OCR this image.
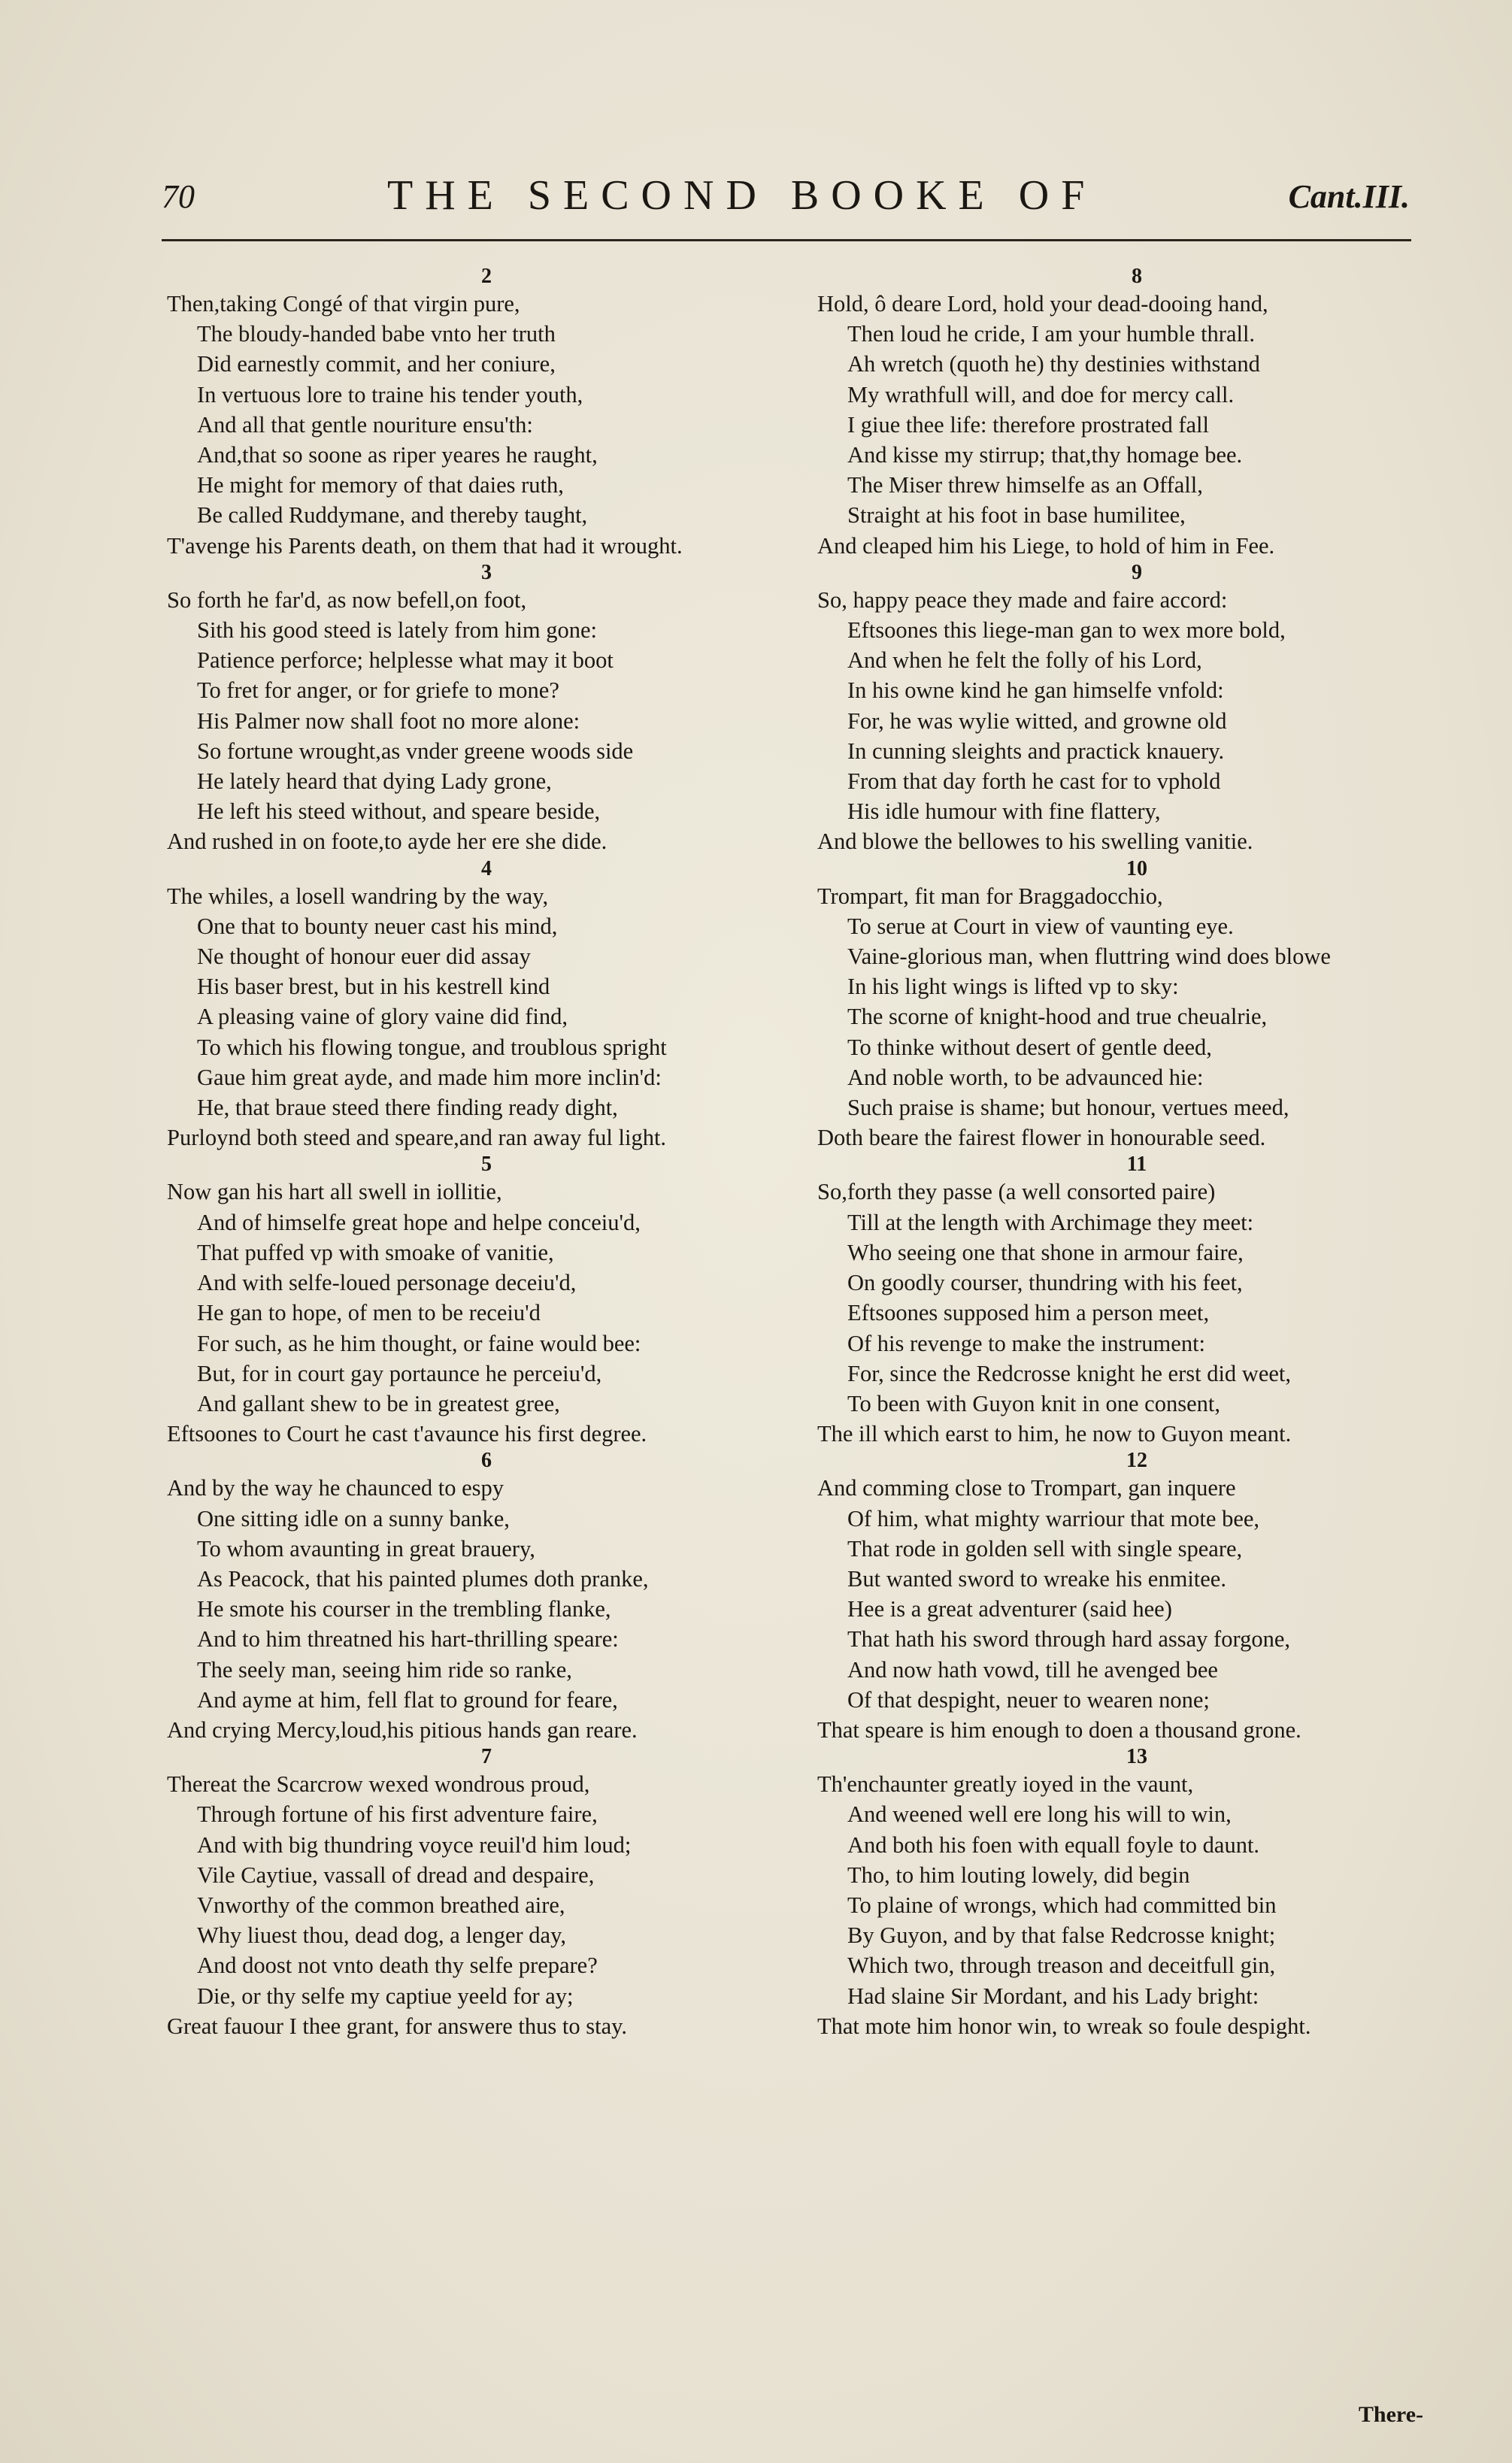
70	THE SECOND BOOKE OF	Cant.III.
2
Then,taking Congé of that virgin pure,
The bloudy-handed babe vnto her truth
Did earnestly commit, and her coniure,
In vertuous lore to traine his tender youth,
And all that gentle nouriture ensu'th:
And,that so soone as riper yeares he raught,
He might for memory of that daies ruth,
Be called Ruddymane, and thereby taught,
T'avenge his Parents death, on them that had it wrought.
3
So forth he far'd, as now befell,on foot,
Sith his good steed is lately from him gone:
Patience perforce; helplesse what may it boot
To fret for anger, or for griefe to mone?
His Palmer now shall foot no more alone:
So fortune wrought,as vnder greene woods side
He lately heard that dying Lady grone,
He left his steed without, and speare beside,
And rushed in on foote,to ayde her ere she dide.
4
The whiles, a losell wandring by the way,
One that to bounty neuer cast his mind,
Ne thought of honour euer did assay
His baser brest, but in his kestrell kind
A pleasing vaine of glory vaine did find,
To which his flowing tongue, and troublous spright
Gaue him great ayde, and made him more inclin'd:
He, that braue steed there finding ready dight,
Purloynd both steed and speare,and ran away ful light.
5
Now gan his hart all swell in iollitie,
And of himselfe great hope and helpe conceiu'd,
That puffed vp with smoake of vanitie,
And with selfe-loued personage deceiu'd,
He gan to hope, of men to be receiu'd
For such, as he him thought, or faine would bee:
But, for in court gay portaunce he perceiu'd,
And gallant shew to be in greatest gree,
Eftsoones to Court he cast t'avaunce his first degree.
6
And by the way he chaunced to espy
One sitting idle on a sunny banke,
To whom avaunting in great brauery,
As Peacock, that his painted plumes doth pranke,
He smote his courser in the trembling flanke,
And to him threatned his hart-thrilling speare:
The seely man, seeing him ride so ranke,
And ayme at him, fell flat to ground for feare,
And crying Mercy,loud,his pitious hands gan reare.
7
Thereat the Scarcrow wexed wondrous proud,
Through fortune of his first adventure faire,
And with big thundring voyce reuil'd him loud;
Vile Caytiue, vassall of dread and despaire,
Vnworthy of the common breathed aire,
Why liuest thou, dead dog, a lenger day,
And doost not vnto death thy selfe prepare?
Die, or thy selfe my captiue yeeld for ay;
Great fauour I thee grant, for answere thus to stay.
8
Hold, ô deare Lord, hold your dead-dooing hand,
Then loud he cride, I am your humble thrall.
Ah wretch (quoth he) thy destinies withstand
My wrathfull will, and doe for mercy call.
I giue thee life: therefore prostrated fall
And kisse my stirrup; that,thy homage bee.
The Miser threw himselfe as an Offall,
Straight at his foot in base humilitee,
And cleaped him his Liege, to hold of him in Fee.
9
So, happy peace they made and faire accord:
Eftsoones this liege-man gan to wex more bold,
And when he felt the folly of his Lord,
In his owne kind he gan himselfe vnfold:
For, he was wylie witted, and growne old
In cunning sleights and practick knauery.
From that day forth he cast for to vphold
His idle humour with fine flattery,
And blowe the bellowes to his swelling vanitie.
10
Trompart, fit man for Braggadocchio,
To serue at Court in view of vaunting eye.
Vaine-glorious man, when fluttring wind does blowe
In his light wings is lifted vp to sky:
The scorne of knight-hood and true cheualrie,
To thinke without desert of gentle deed,
And noble worth, to be advaunced hie:
Such praise is shame; but honour, vertues meed,
Doth beare the fairest flower in honourable seed.
11
So,forth they passe (a well consorted paire)
Till at the length with Archimage they meet:
Who seeing one that shone in armour faire,
On goodly courser, thundring with his feet,
Eftsoones supposed him a person meet,
Of his revenge to make the instrument:
For, since the Redcrosse knight he erst did weet,
To been with Guyon knit in one consent,
The ill which earst to him, he now to Guyon meant.
12
And comming close to Trompart, gan inquere
Of him, what mighty warriour that mote bee,
That rode in golden sell with single speare,
But wanted sword to wreake his enmitee.
Hee is a great adventurer (said hee)
That hath his sword through hard assay forgone,
And now hath vowd, till he avenged bee
Of that despight, neuer to wearen none;
That speare is him enough to doen a thousand grone.
13
Th'enchaunter greatly ioyed in the vaunt,
And weened well ere long his will to win,
And both his foen with equall foyle to daunt.
Tho, to him louting lowely, did begin
To plaine of wrongs, which had committed bin
By Guyon, and by that false Redcrosse knight;
Which two, through treason and deceitfull gin,
Had slaine Sir Mordant, and his Lady bright:
That mote him honor win, to wreak so foule despight.
There-
